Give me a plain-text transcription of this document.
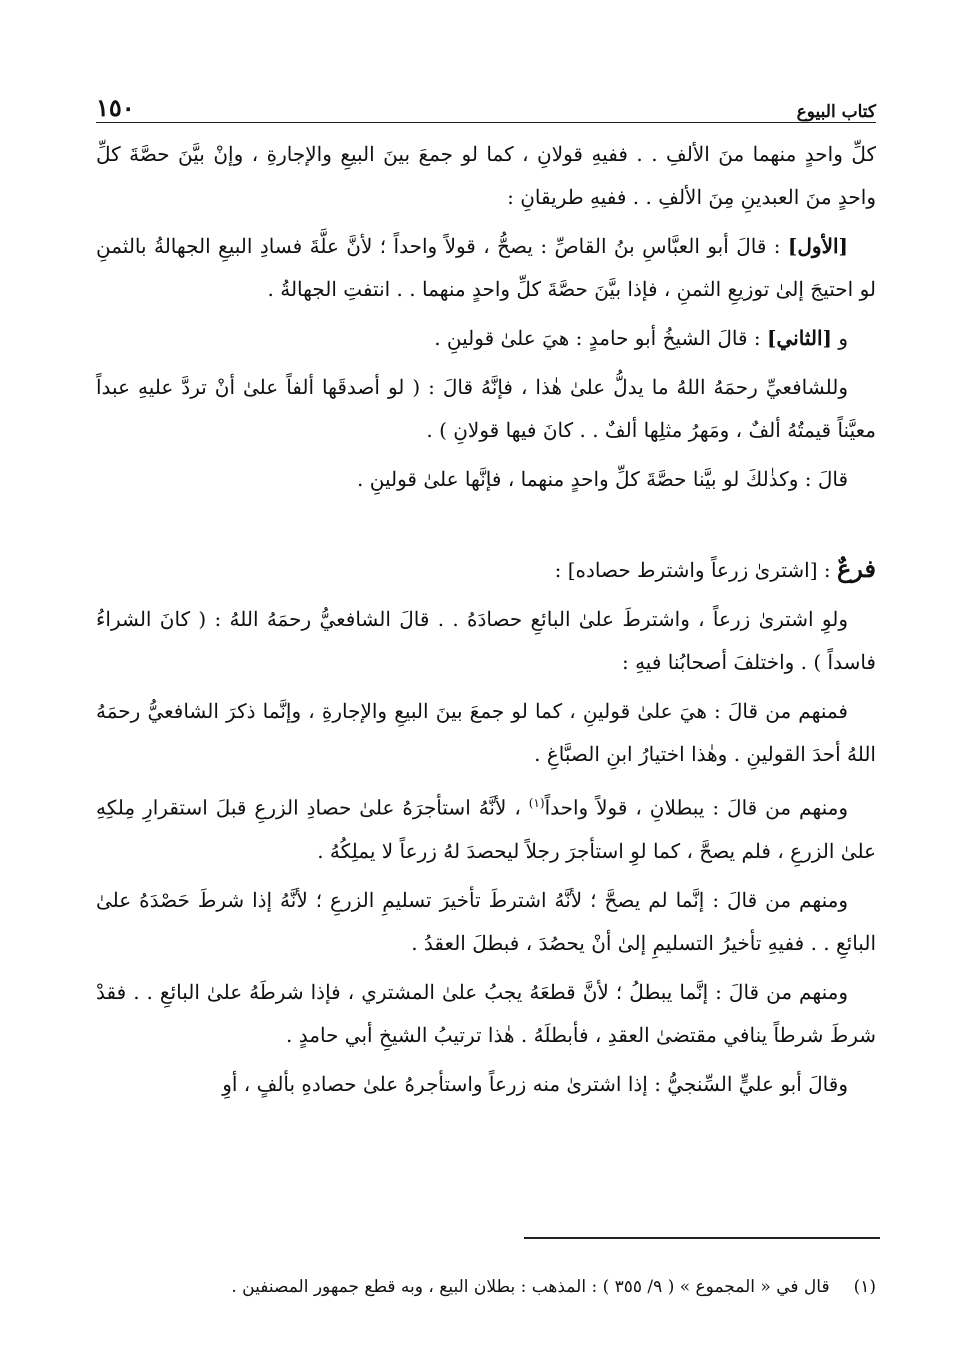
كتاب البيوع
١٥٠

كلِّ واحدٍ منهما منَ الألفِ . . ففيهِ قولانِ ، كما لو جمعَ بينَ البيعِ والإجارةِ ، وإنْ بيَّنَ حصَّةَ كلِّ واحدٍ منَ العبدينِ مِنَ الألفِ . . ففيهِ طريقانِ :

[الأول] : قالَ أبو العبَّاسِ بنُ القاصِّ : يصحُّ ، قولاً واحداً ؛ لأنَّ علَّةَ فسادِ البيعِ الجهالةُ بالثمنِ لو احتيجَ إلىٰ توزيعِ الثمنِ ، فإذا بيَّنَ حصَّةَ كلِّ واحدٍ منهما . . انتفتِ الجهالةُ .

و [الثاني] : قالَ الشيخُ أبو حامدٍ : هيَ علىٰ قولينِ .

وللشافعيِّ رحمَهُ اللهُ ما يدلُّ علىٰ هٰذا ، فإنَّهُ قالَ : ( لو أصدقَها ألفاً علىٰ أنْ تردَّ عليهِ عبداً معيَّناً قيمتُهُ ألفٌ ، ومَهرُ مثلِها ألفٌ . . كانَ فيها قولانِ ) .

قالَ : وكذٰلكَ لو بيَّنا حصَّةَ كلِّ واحدٍ منهما ، فإنَّها علىٰ قولينِ .

فرعٌ : [اشترىٰ زرعاً واشترط حصاده] :

ولوِ اشترىٰ زرعاً ، واشترطَ علىٰ البائعِ حصادَهُ . . قالَ الشافعيُّ رحمَهُ اللهُ : ( كانَ الشراءُ فاسداً ) . واختلفَ أصحابُنا فيهِ :

فمنهم من قالَ : هيَ علىٰ قولينِ ، كما لو جمعَ بينَ البيعِ والإجارةِ ، وإنَّما ذكرَ الشافعيُّ رحمَهُ اللهُ أحدَ القولينِ . وهٰذا اختيارُ ابنِ الصبَّاغِ .

ومنهم من قالَ : يبطلانِ ، قولاً واحداً$^{(١)}$ ، لأنَّهُ استأجرَهُ علىٰ حصادِ الزرعِ قبلَ استقرارِ مِلكِهِ علىٰ الزرعِ ، فلم يصحَّ ، كما لوِ استأجرَ رجلاً ليحصدَ لهُ زرعاً لا يملِكُهُ .

ومنهم من قالَ : إنَّما لم يصحَّ ؛ لأنَّهُ اشترطَ تأخيرَ تسليمِ الزرعِ ؛ لأنَّهُ إذا شرطَ حَصْدَهُ علىٰ البائعِ . . ففيهِ تأخيرُ التسليمِ إلىٰ أنْ يحصُدَ ، فبطلَ العقدُ .

ومنهم من قالَ : إنَّما يبطلُ ؛ لأنَّ قطعَهُ يجبُ علىٰ المشتري ، فإذا شرطَهُ علىٰ البائعِ . . فقدْ شرطَ شرطاً ينافي مقتضىٰ العقدِ ، فأبطلَهُ . هٰذا ترتيبُ الشيخِ أبي حامدٍ .

وقالَ أبو عليٍّ السِّنجيُّ : إذا اشترىٰ منه زرعاً واستأجرهُ علىٰ حصادهِ بألفٍ ، أوِ

(١)قال في « المجموع » ( ٩/ ٣٥٥ ) : المذهب : بطلان البيع ، وبه قطع جمهور المصنفين .
